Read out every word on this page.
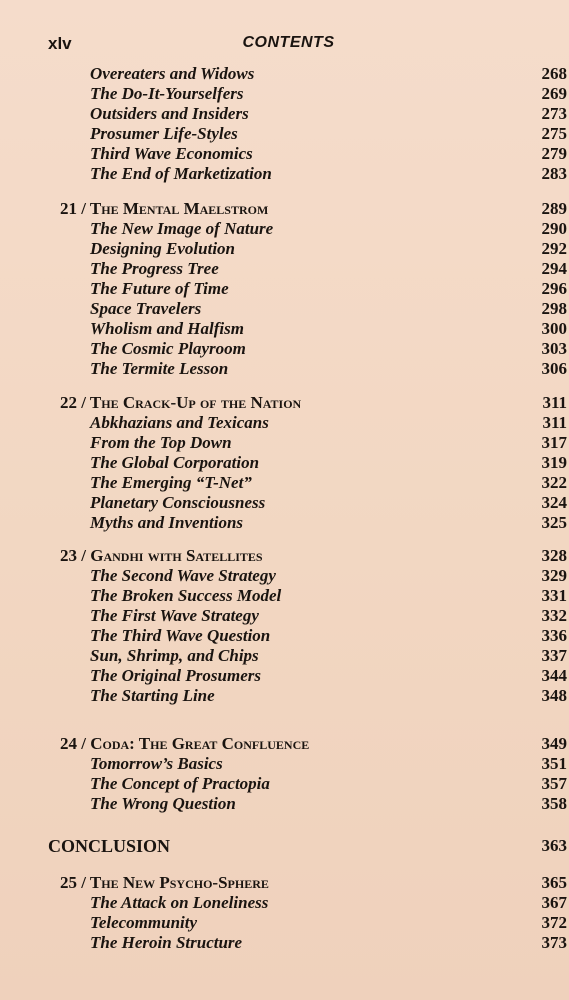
xlv	CONTENTS
Overeaters and Widows	268
The Do-It-Yourselfers	269
Outsiders and Insiders	273
Prosumer Life-Styles	275
Third Wave Economics	279
The End of Marketization	283
21 / The Mental Maelstrom	289
The New Image of Nature	290
Designing Evolution	292
The Progress Tree	294
The Future of Time	296
Space Travelers	298
Wholism and Halfism	300
The Cosmic Playroom	303
The Termite Lesson	306
22 / The Crack-Up of the Nation	311
Abkhazians and Texicans	311
From the Top Down	317
The Global Corporation	319
The Emerging “T-Net”	322
Planetary Consciousness	324
Myths and Inventions	325
23 / Gandhi with Satellites	328
The Second Wave Strategy	329
The Broken Success Model	331
The First Wave Strategy	332
The Third Wave Question	336
Sun, Shrimp, and Chips	337
The Original Prosumers	344
The Starting Line	348
24 / Coda: The Great Confluence	349
Tomorrow’s Basics	351
The Concept of Practopia	357
The Wrong Question	358
CONCLUSION	363
25 / The New Psycho-Sphere	365
The Attack on Loneliness	367
Telecommunity	372
The Heroin Structure	373
